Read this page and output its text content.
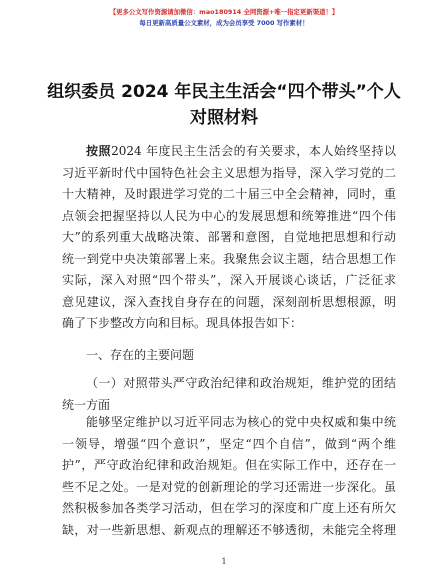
【更多公文写作资源请加微信：mao180914 全网资源+唯一指定更新渠道！】
每日更新高质量公文素材，成为会员享受 7000 写作素材！
组织委员 2024 年民主生活会“四个带头”个人
对照材料
按照2024 年度民主生活会的有关要求，本人始终坚持以
习近平新时代中国特色社会主义思想为指导，深入学习党的二
十大精神，及时跟进学习党的二十届三中全会精神，同时，重
点领会把握坚持以人民为中心的发展思想和统筹推进“四个伟
大”的系列重大战略决策、部署和意图，自觉地把思想和行动
统一到党中央决策部署上来。我聚焦会议主题，结合思想工作
实际，深入对照“四个带头”，深入开展谈心谈话，广泛征求
意见建议，深入查找自身存在的问题，深刻剖析思想根源，明
确了下步整改方向和目标。现具体报告如下：
一、存在的主要问题
（一）对照带头严守政治纪律和政治规矩，维护党的团结
统一方面
能够坚定维护以习近平同志为核心的党中央权威和集中统
一领导，增强“四个意识”，坚定“四个自信”，做到“两个维
护”，严守政治纪律和政治规矩。但在实际工作中，还存在一
些不足之处。一是对党的创新理论的学习还需进一步深化。虽
然积极参加各类学习活动，但在学习的深度和广度上还有所欠
缺，对一些新思想、新观点的理解还不够透彻，未能完全将理
1
